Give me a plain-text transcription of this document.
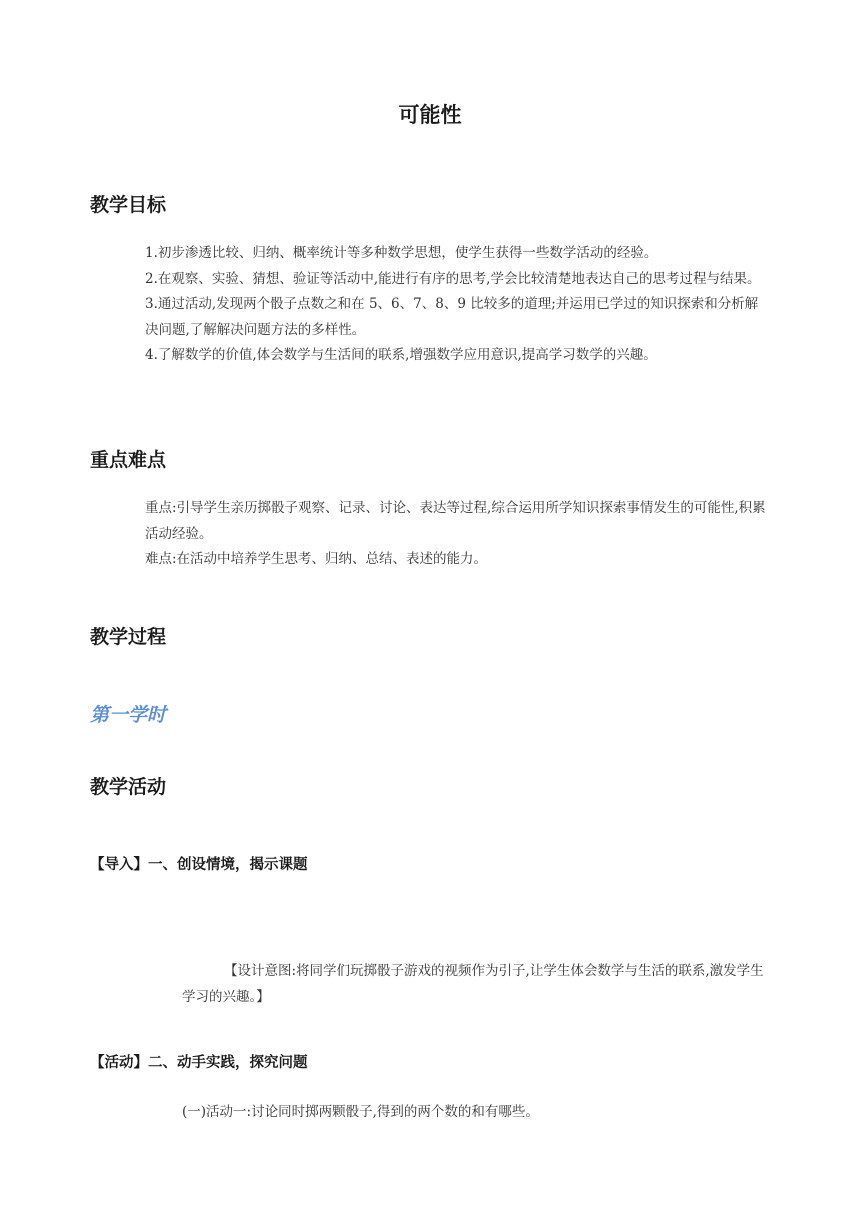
可能性
教学目标

1.初步渗透比较、归纳、概率统计等多种数学思想，使学生获得一些数学活动的经验。

2.在观察、实验、猜想、验证等活动中,能进行有序的思考,学会比较清楚地表达自己的思考过程与结果。

3.通过活动,发现两个骰子点数之和在 5、6、7、8、9 比较多的道理;并运用已学过的知识探索和分析解决问题,了解解决问题方法的多样性。

4.了解数学的价值,体会数学与生活间的联系,增强数学应用意识,提高学习数学的兴趣。

重点难点

重点:引导学生亲历掷骰子观察、记录、讨论、表达等过程,综合运用所学知识探索事情发生的可能性,积累活动经验。

难点:在活动中培养学生思考、归纳、总结、表述的能力。

教学过程
第一学时
教学活动
【导入】一、创设情境，揭示课题

【设计意图:将同学们玩掷骰子游戏的视频作为引子,让学生体会数学与生活的联系,激发学生学习的兴趣。】

【活动】二、动手实践，探究问题

(一)活动一:讨论同时掷两颗骰子,得到的两个数的和有哪些。
